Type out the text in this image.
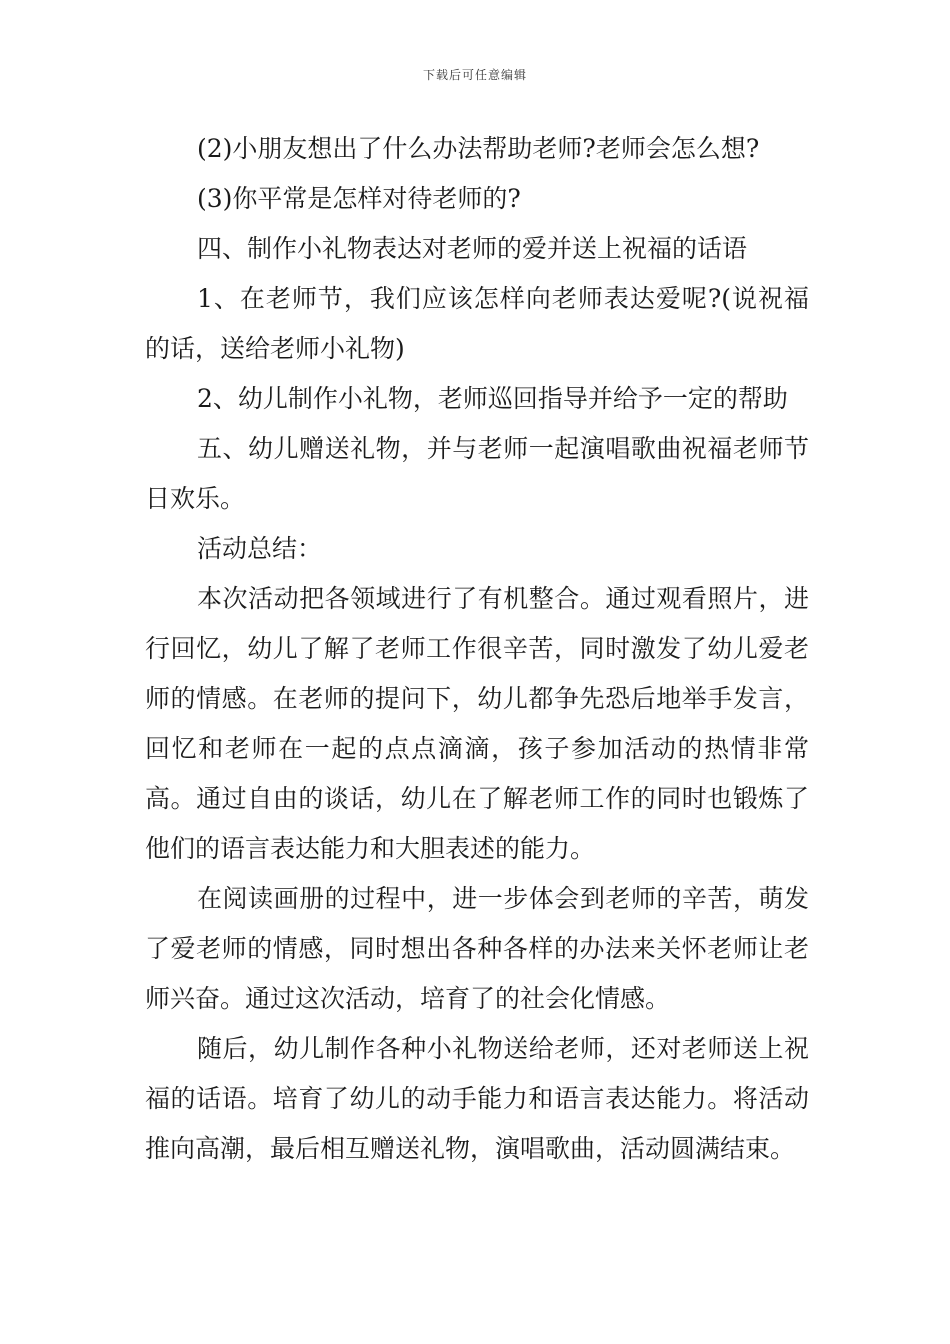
下载后可任意编辑

(2)小朋友想出了什么办法帮助老师?老师会怎么想?

(3)你平常是怎样对待老师的?

四、制作小礼物表达对老师的爱并送上祝福的话语

1、在老师节，我们应该怎样向老师表达爱呢?(说祝福的话，送给老师小礼物)

2、幼儿制作小礼物，老师巡回指导并给予一定的帮助

五、幼儿赠送礼物，并与老师一起演唱歌曲祝福老师节日欢乐。

活动总结：

本次活动把各领域进行了有机整合。通过观看照片，进行回忆，幼儿了解了老师工作很辛苦，同时激发了幼儿爱老师的情感。在老师的提问下，幼儿都争先恐后地举手发言，回忆和老师在一起的点点滴滴，孩子参加活动的热情非常高。通过自由的谈话，幼儿在了解老师工作的同时也锻炼了他们的语言表达能力和大胆表述的能力。

在阅读画册的过程中，进一步体会到老师的辛苦，萌发了爱老师的情感，同时想出各种各样的办法来关怀老师让老师兴奋。通过这次活动，培育了的社会化情感。

随后，幼儿制作各种小礼物送给老师，还对老师送上祝福的话语。培育了幼儿的动手能力和语言表达能力。将活动推向高潮，最后相互赠送礼物，演唱歌曲，活动圆满结束。
